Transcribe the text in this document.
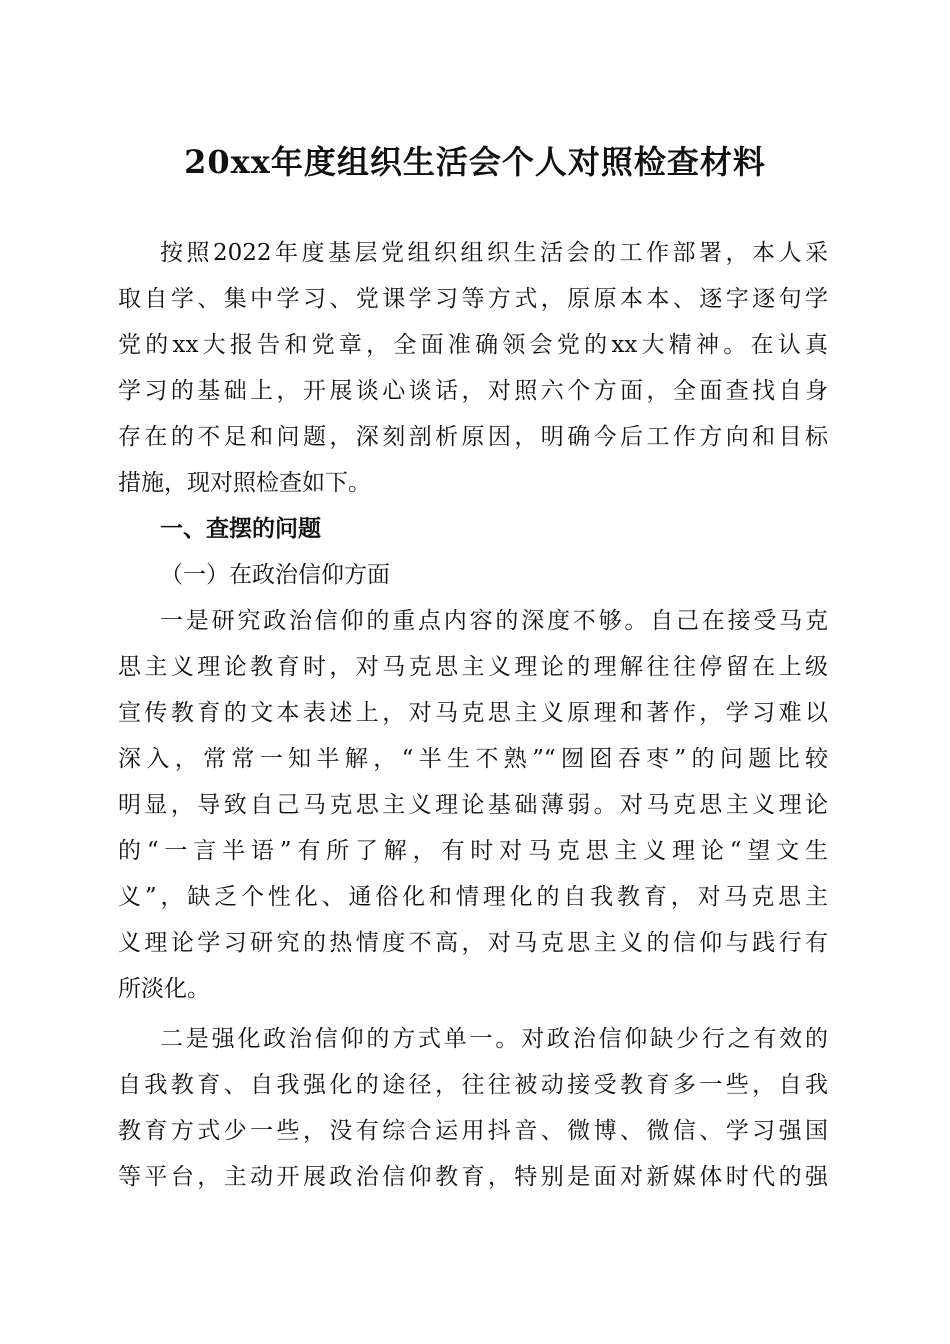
20xx年度组织生活会个人对照检查材料
按照2022年度基层党组织组织生活会的工作部署，本人采
取自学、集中学习、党课学习等方式，原原本本、逐字逐句学
党的xx大报告和党章，全面准确领会党的xx大精神。在认真
学习的基础上，开展谈心谈话，对照六个方面，全面查找自身
存在的不足和问题，深刻剖析原因，明确今后工作方向和目标
措施，现对照检查如下。
一、查摆的问题
（一）在政治信仰方面
一是研究政治信仰的重点内容的深度不够。自己在接受马克
思主义理论教育时，对马克思主义理论的理解往往停留在上级
宣传教育的文本表述上，对马克思主义原理和著作，学习难以
深入，常常一知半解，“半生不熟”“囫囵吞枣”的问题比较
明显，导致自己马克思主义理论基础薄弱。对马克思主义理论
的“一言半语”有所了解，有时对马克思主义理论“望文生
义”，缺乏个性化、通俗化和情理化的自我教育，对马克思主
义理论学习研究的热情度不高，对马克思主义的信仰与践行有
所淡化。
二是强化政治信仰的方式单一。对政治信仰缺少行之有效的
自我教育、自我强化的途径，往往被动接受教育多一些，自我
教育方式少一些，没有综合运用抖音、微博、微信、学习强国
等平台，主动开展政治信仰教育，特别是面对新媒体时代的强
